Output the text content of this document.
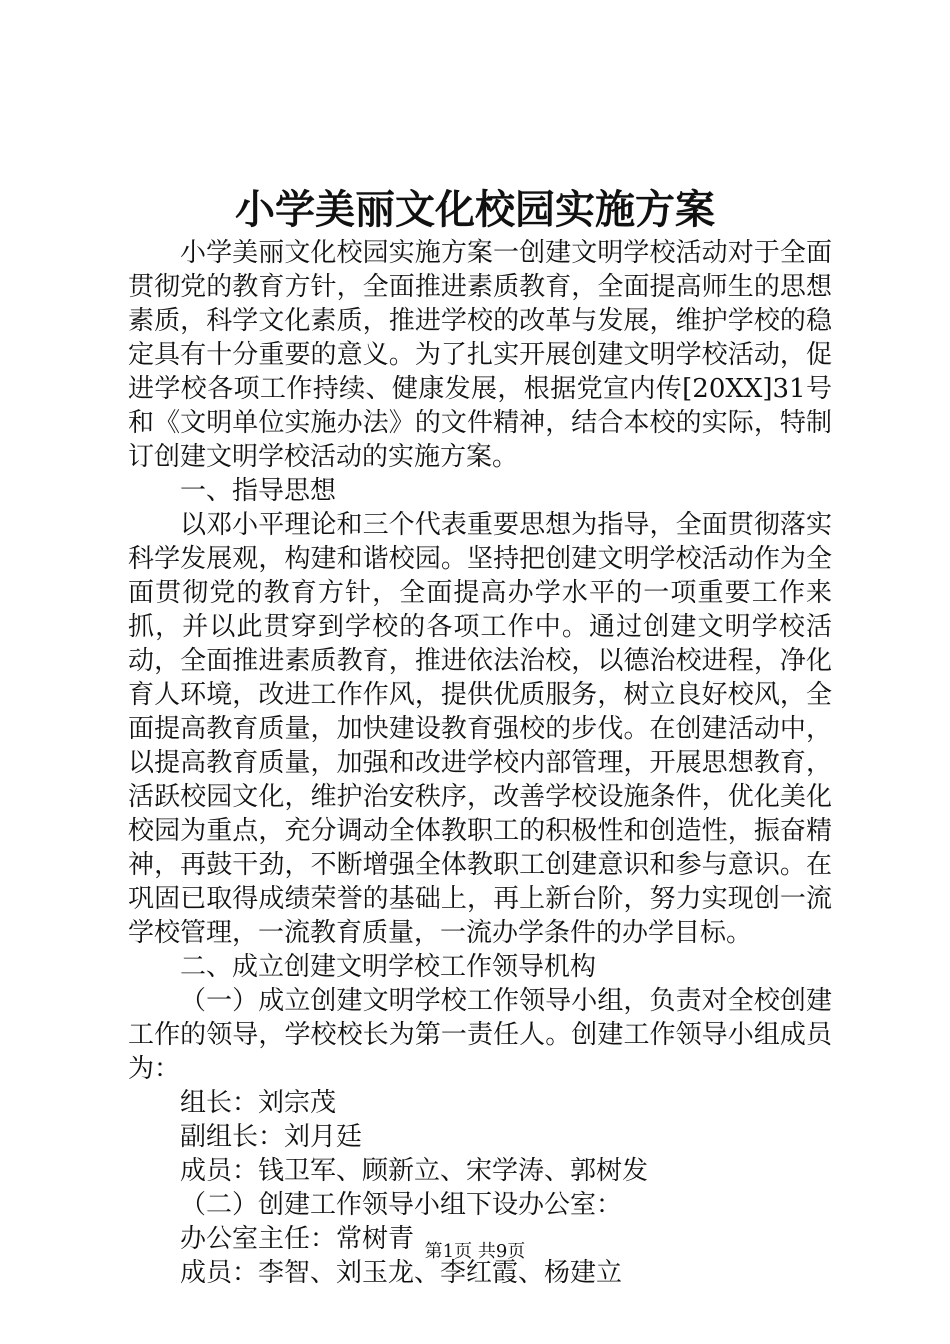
小学美丽文化校园实施方案

小学美丽文化校园实施方案一创建文明学校活动对于全面贯彻党的教育方针，全面推进素质教育，全面提高师生的思想素质，科学文化素质，推进学校的改革与发展，维护学校的稳定具有十分重要的意义。为了扎实开展创建文明学校活动，促进学校各项工作持续、健康发展，根据党宣内传[20XX]31号和《文明单位实施办法》的文件精神，结合本校的实际，特制订创建文明学校活动的实施方案。

一、指导思想

以邓小平理论和三个代表重要思想为指导，全面贯彻落实科学发展观，构建和谐校园。坚持把创建文明学校活动作为全面贯彻党的教育方针，全面提高办学水平的一项重要工作来抓，并以此贯穿到学校的各项工作中。通过创建文明学校活动，全面推进素质教育，推进依法治校，以德治校进程，净化育人环境，改进工作作风，提供优质服务，树立良好校风，全面提高教育质量，加快建设教育强校的步伐。在创建活动中，以提高教育质量，加强和改进学校内部管理，开展思想教育，活跃校园文化，维护治安秩序，改善学校设施条件，优化美化校园为重点，充分调动全体教职工的积极性和创造性，振奋精神，再鼓干劲，不断增强全体教职工创建意识和参与意识。在巩固已取得成绩荣誉的基础上，再上新台阶，努力实现创一流学校管理，一流教育质量，一流办学条件的办学目标。

二、成立创建文明学校工作领导机构

（一）成立创建文明学校工作领导小组，负责对全校创建工作的领导，学校校长为第一责任人。创建工作领导小组成员为：

组长：刘宗茂

副组长：刘月廷

成员：钱卫军、顾新立、宋学涛、郭树发

（二）创建工作领导小组下设办公室：

办公室主任：常树青

成员：李智、刘玉龙、李红霞、杨建立

第1页 共9页
